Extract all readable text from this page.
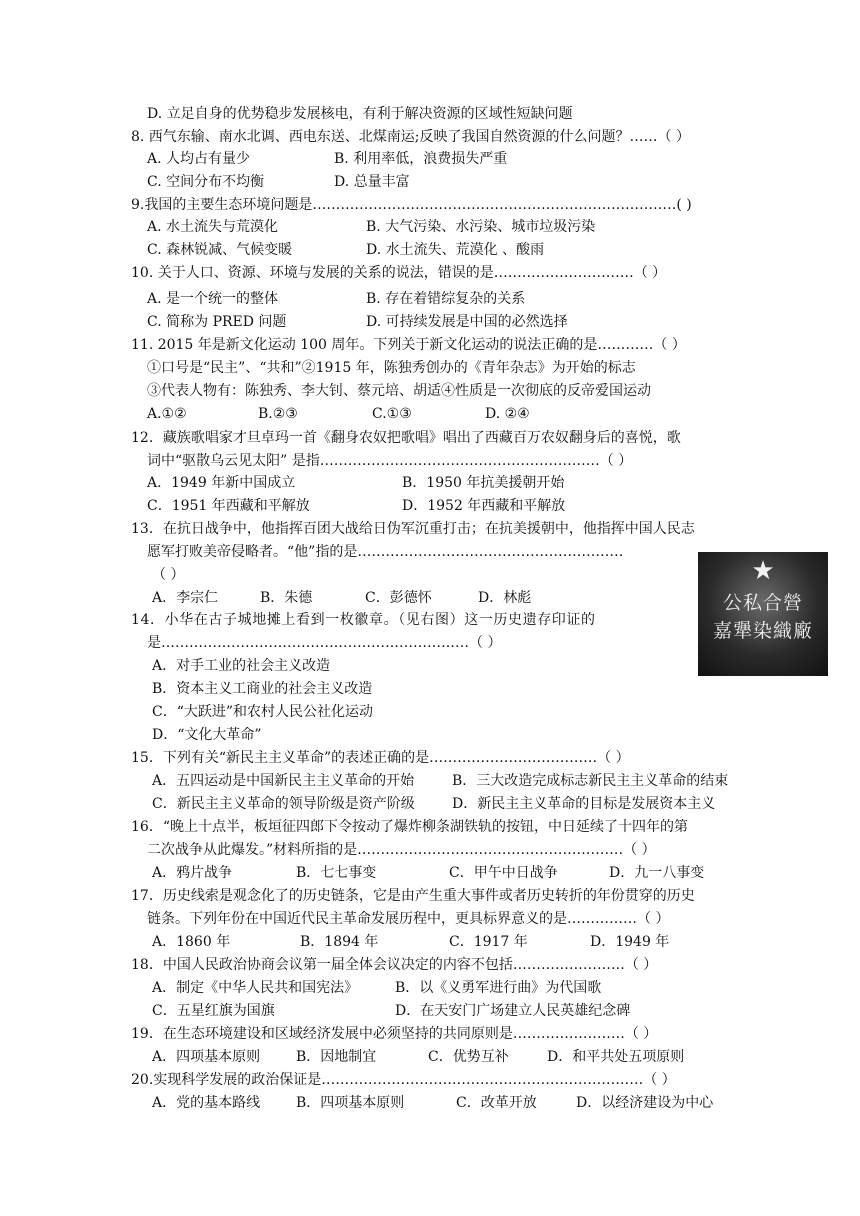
D. 立足自身的优势稳步发展核电，有利于解决资源的区域性短缺问题
8. 西气东输、南水北调、西电东送、北煤南运;反映了我国自然资源的什么问题？……（ ）
A. 人均占有量少	B. 利用率低，浪费损失严重
C. 空间分布不均衡	D. 总量丰富
9.我国的主要生态环境问题是……………………………………………………………………( )
A. 水土流失与荒漠化	B. 大气污染、水污染、城市垃圾污染
C. 森林锐减、气候变暖	D. 水土流失、荒漠化 、酸雨
10. 关于人口、资源、环境与发展的关系的说法，错误的是…………………………（ ）
A. 是一个统一的整体	B. 存在着错综复杂的关系
C. 简称为 PRED 问题	D. 可持续发展是中国的必然选择
11. 2015 年是新文化运动 100 周年。下列关于新文化运动的说法正确的是…………（ ）
①口号是“民主”、“共和”②1915 年，陈独秀创办的《青年杂志》为开始的标志
③代表人物有：陈独秀、李大钊、蔡元培、胡适④性质是一次彻底的反帝爱国运动
A.①②	B.②③	C.①③	D. ②④
12．藏族歌唱家才旦卓玛一首《翻身农奴把歌唱》唱出了西藏百万农奴翻身后的喜悦，歌
词中“驱散乌云见太阳” 是指……………………………………………………（ ）
A．1949 年新中国成立	B．1950 年抗美援朝开始
C．1951 年西藏和平解放	D．1952 年西藏和平解放
13．在抗日战争中，他指挥百团大战给日伪军沉重打击；在抗美援朝中，他指挥中国人民志
愿军打败美帝侵略者。“他”指的是…………………………………………………
（ ）
A．李宗仁	B．朱德	C．彭德怀	D．林彪
14．小华在古子城地摊上看到一枚徽章。（见右图）这一历史遗存印证的
是…………………………………………………………（ ）
A．对手工业的社会主义改造
B．资本主义工商业的社会主义改造
C．“大跃进”和农村人民公社化运动
D．“文化大革命”
★
公私合營
嘉犟染織廠
15．下列有关“新民主主义革命”的表述正确的是………………………………（ ）
A．五四运动是中国新民主主义革命的开始	B．三大改造完成标志新民主主义革命的结束
C．新民主主义革命的领导阶级是资产阶级	D．新民主主义革命的目标是发展资本主义
16．“晚上十点半，板垣征四郎下令按动了爆炸柳条湖铁轨的按钮，中日延续了十四年的第
二次战争从此爆发。”材料所指的是…………………………………………………（ ）
A．鸦片战争	B．七七事变	C．甲午中日战争	D．九一八事变
17．历史线索是观念化了的历史链条，它是由产生重大事件或者历史转折的年份贯穿的历史
链条。下列年份在中国近代民主革命发展历程中，更具标界意义的是……………（ ）
A．1860 年	B．1894 年	C．1917 年	D．1949 年
18．中国人民政治协商会议第一届全体会议决定的内容不包括……………………（ ）
A．制定《中华人民共和国宪法》	B．以《义勇军进行曲》为代国歌
C．五星红旗为国旗	D．在天安门广场建立人民英雄纪念碑
19．在生态环境建设和区域经济发展中必须坚持的共同原则是……………………（ ）
A．四项基本原则	B．因地制宜	C．优势互补	D．和平共处五项原则
20.实现科学发展的政治保证是……………………………………………………………（ ）
A．党的基本路线	B．四项基本原则	C．改革开放	D．以经济建设为中心
